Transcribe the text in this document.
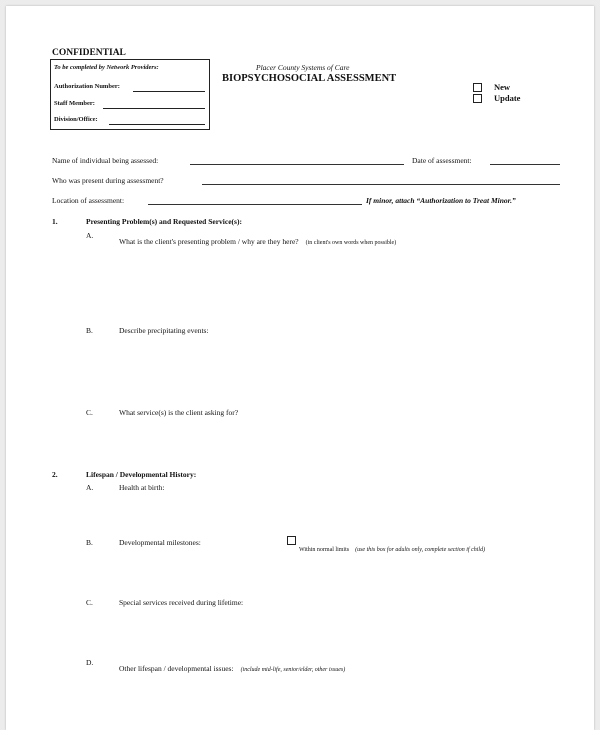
CONFIDENTIAL
To be completed by Network Providers:
Authorization Number:
Staff Member:
Division/Office:
Placer County Systems of Care
BIOPSYCHOSOCIAL ASSESSMENT
New
Update
Name of individual being assessed:	Date of assessment:
Who was present during assessment?
Location of assessment:	If minor, attach “Authorization to Treat Minor.”
1.	Presenting Problem(s) and Requested Service(s):
A.
What is the client's presenting problem / why are they here? (in client's own words when possible)
B.	Describe precipitating events:
C.	What service(s) is the client asking for?
2.	Lifespan / Developmental History:
A.	Health at birth:
B.	Developmental milestones:
Within normal limits (use this box for adults only, complete section if child)
C.	Special services received during lifetime:
D.
Other lifespan / developmental issues: (include mid-life, senior/elder, other issues)
